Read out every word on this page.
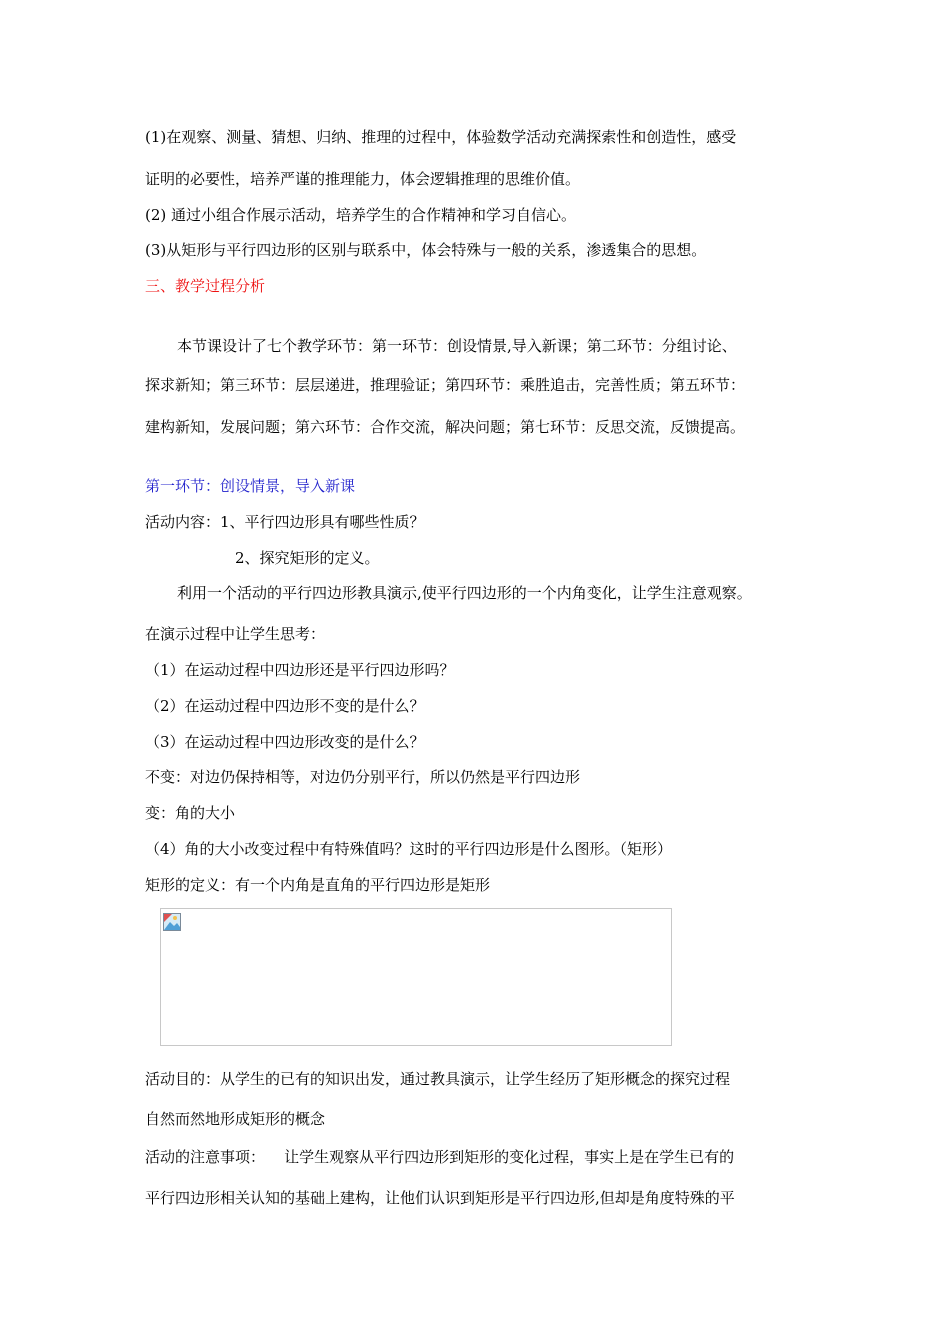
(1)在观察、测量、猜想、归纳、推理的过程中，体验数学活动充满探索性和创造性，感受
证明的必要性，培养严谨的推理能力，体会逻辑推理的思维价值。
(2) 通过小组合作展示活动，培养学生的合作精神和学习自信心。
(3)从矩形与平行四边形的区别与联系中，体会特殊与一般的关系，渗透集合的思想。
三、教学过程分析
本节课设计了七个教学环节：第一环节：创设情景,导入新课；第二环节：分组讨论、
探求新知；第三环节：层层递进，推理验证；第四环节：乘胜追击，完善性质；第五环节：
建构新知，发展问题；第六环节：合作交流，解决问题；第七环节：反思交流，反馈提高。
第一环节：创设情景，导入新课
活动内容：1、平行四边形具有哪些性质？
2、探究矩形的定义。
利用一个活动的平行四边形教具演示,使平行四边形的一个内角变化，让学生注意观察。
在演示过程中让学生思考：
（1）在运动过程中四边形还是平行四边形吗？
（2）在运动过程中四边形不变的是什么？
（3）在运动过程中四边形改变的是什么？
不变：对边仍保持相等，对边仍分别平行，所以仍然是平行四边形
变：角的大小
（4）角的大小改变过程中有特殊值吗？这时的平行四边形是什么图形。（矩形）
矩形的定义：有一个内角是直角的平行四边形是矩形
活动目的：从学生的已有的知识出发，通过教具演示，让学生经历了矩形概念的探究过程
自然而然地形成矩形的概念
活动的注意事项：    让学生观察从平行四边形到矩形的变化过程，事实上是在学生已有的
平行四边形相关认知的基础上建构，让他们认识到矩形是平行四边形,但却是角度特殊的平
